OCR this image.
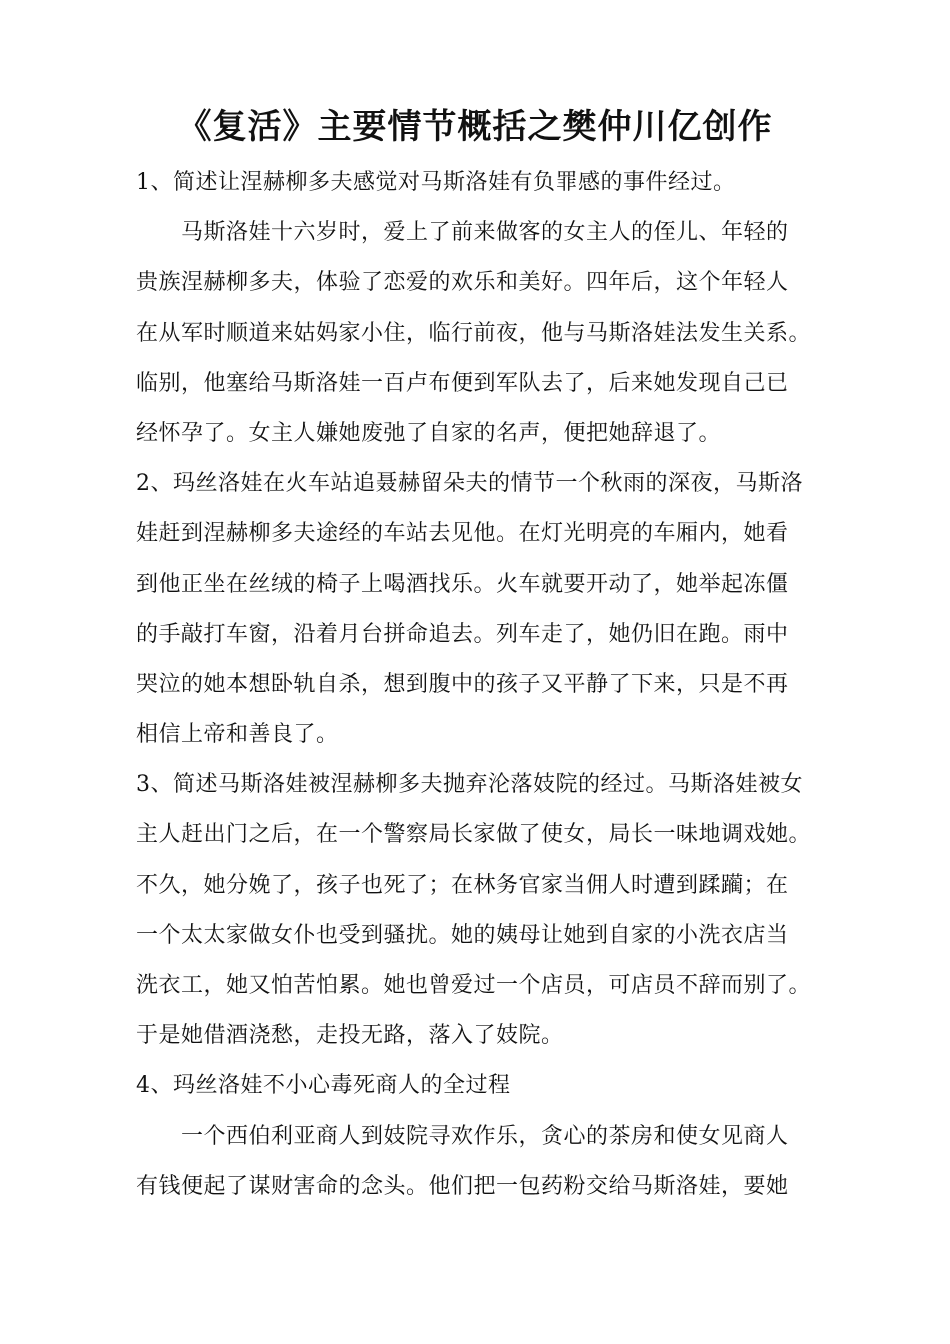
《复活》主要情节概括之樊仲川亿创作
1、简述让涅赫柳多夫感觉对马斯洛娃有负罪感的事件经过。
马斯洛娃十六岁时，爱上了前来做客的女主人的侄儿、年轻的
贵族涅赫柳多夫，体验了恋爱的欢乐和美好。四年后，这个年轻人
在从军时顺道来姑妈家小住，临行前夜，他与马斯洛娃法发生关系。
临别，他塞给马斯洛娃一百卢布便到军队去了，后来她发现自己已
经怀孕了。女主人嫌她废弛了自家的名声，便把她辞退了。
2、玛丝洛娃在火车站追聂赫留朵夫的情节一个秋雨的深夜，马斯洛
娃赶到涅赫柳多夫途经的车站去见他。在灯光明亮的车厢内，她看
到他正坐在丝绒的椅子上喝酒找乐。火车就要开动了，她举起冻僵
的手敲打车窗，沿着月台拼命追去。列车走了，她仍旧在跑。雨中
哭泣的她本想卧轨自杀，想到腹中的孩子又平静了下来，只是不再
相信上帝和善良了。
3、简述马斯洛娃被涅赫柳多夫抛弃沦落妓院的经过。马斯洛娃被女
主人赶出门之后，在一个警察局长家做了使女，局长一味地调戏她。
不久，她分娩了，孩子也死了；在林务官家当佣人时遭到蹂躏；在
一个太太家做女仆也受到骚扰。她的姨母让她到自家的小洗衣店当
洗衣工，她又怕苦怕累。她也曾爱过一个店员，可店员不辞而别了。
于是她借酒浇愁，走投无路，落入了妓院。
4、玛丝洛娃不小心毒死商人的全过程
一个西伯利亚商人到妓院寻欢作乐，贪心的茶房和使女见商人
有钱便起了谋财害命的念头。他们把一包药粉交给马斯洛娃，要她
